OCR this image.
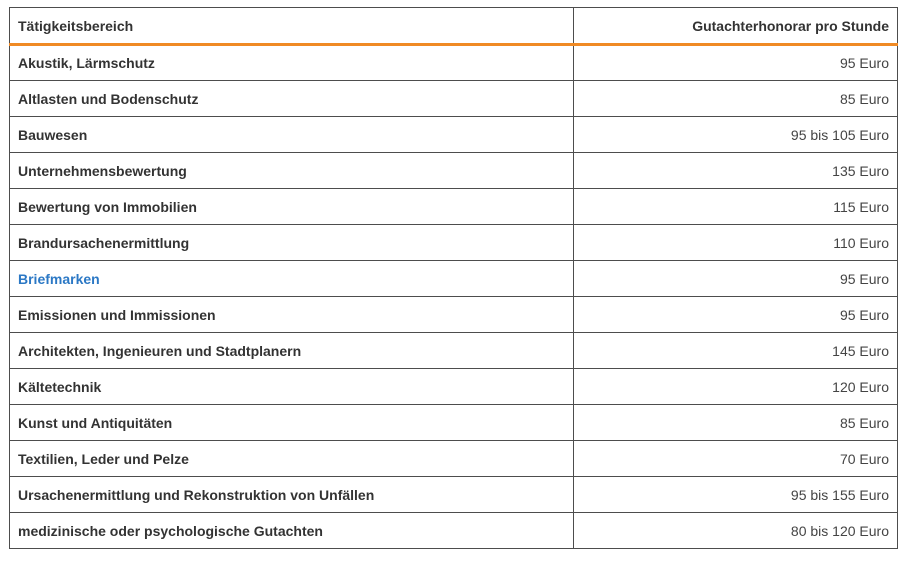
Tätigkeitsbereich	Gutachterhonorar pro Stunde
Akustik, Lärmschutz	95 Euro
Altlasten und Bodenschutz	85 Euro
Bauwesen	95 bis 105 Euro
Unternehmensbewertung	135 Euro
Bewertung von Immobilien	115 Euro
Brandursachenermittlung	110 Euro
Briefmarken	95 Euro
Emissionen und Immissionen	95 Euro
Architekten, Ingenieuren und Stadtplanern	145 Euro
Kältetechnik	120 Euro
Kunst und Antiquitäten	85 Euro
Textilien, Leder und Pelze	70 Euro
Ursachenermittlung und Rekonstruktion von Unfällen	95 bis 155 Euro
medizinische oder psychologische Gutachten	80 bis 120 Euro
